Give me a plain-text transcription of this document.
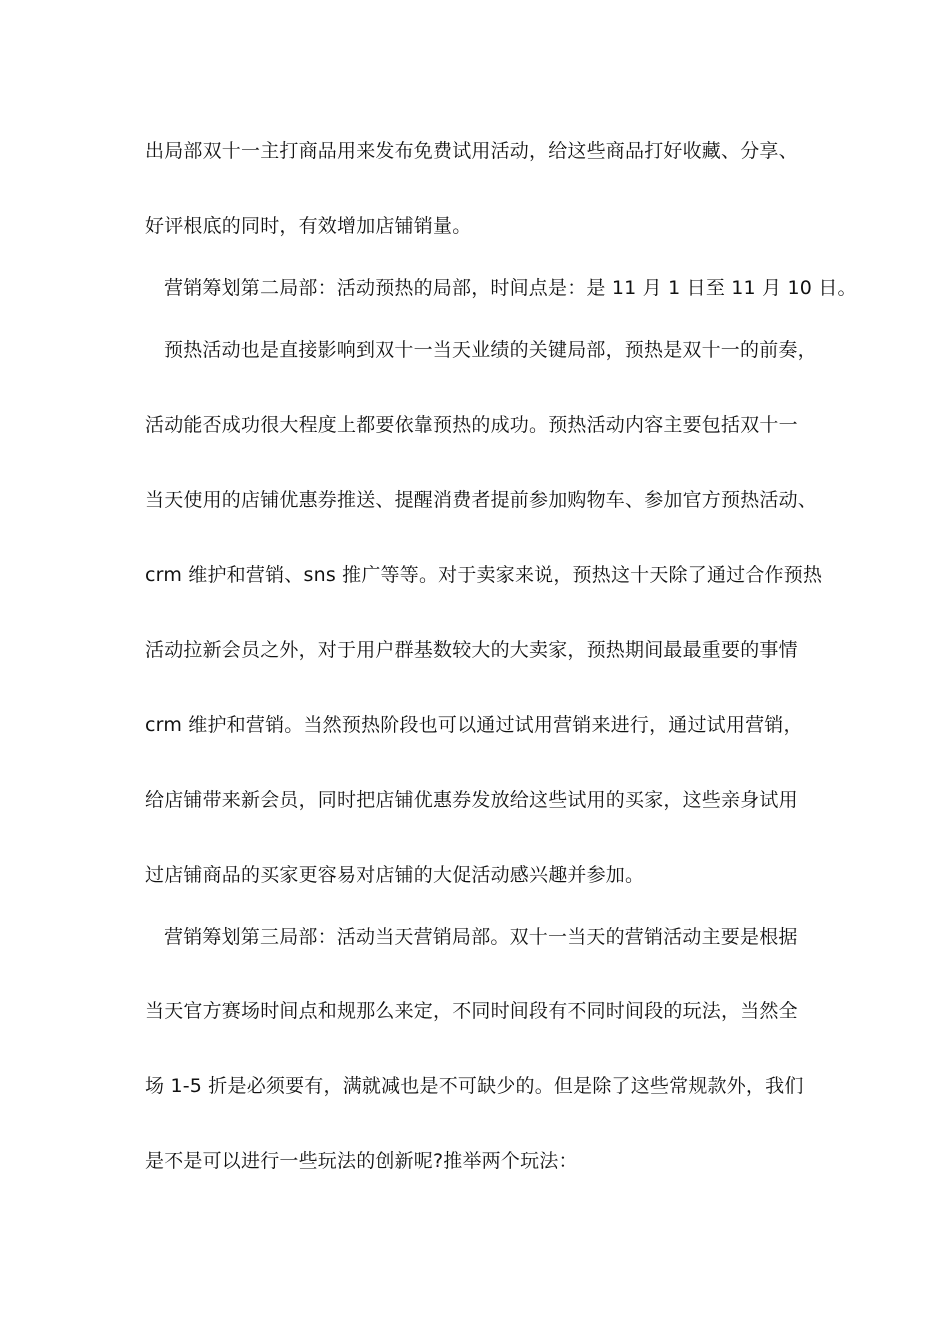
出局部双十一主打商品用来发布免费试用活动，给这些商品打好收藏、分享、
好评根底的同时，有效增加店铺销量。
营销筹划第二局部：活动预热的局部，时间点是：是 11 月 1 日至 11 月 10 日。
预热活动也是直接影响到双十一当天业绩的关键局部，预热是双十一的前奏，
活动能否成功很大程度上都要依靠预热的成功。预热活动内容主要包括双十一
当天使用的店铺优惠券推送、提醒消费者提前参加购物车、参加官方预热活动、
crm 维护和营销、sns 推广等等。对于卖家来说，预热这十天除了通过合作预热
活动拉新会员之外，对于用户群基数较大的大卖家，预热期间最最重要的事情
crm 维护和营销。当然预热阶段也可以通过试用营销来进行，通过试用营销，
给店铺带来新会员，同时把店铺优惠券发放给这些试用的买家，这些亲身试用
过店铺商品的买家更容易对店铺的大促活动感兴趣并参加。
营销筹划第三局部：活动当天营销局部。双十一当天的营销活动主要是根据
当天官方赛场时间点和规那么来定，不同时间段有不同时间段的玩法，当然全
场 1-5 折是必须要有，满就减也是不可缺少的。但是除了这些常规款外，我们
是不是可以进行一些玩法的创新呢?推举两个玩法：
